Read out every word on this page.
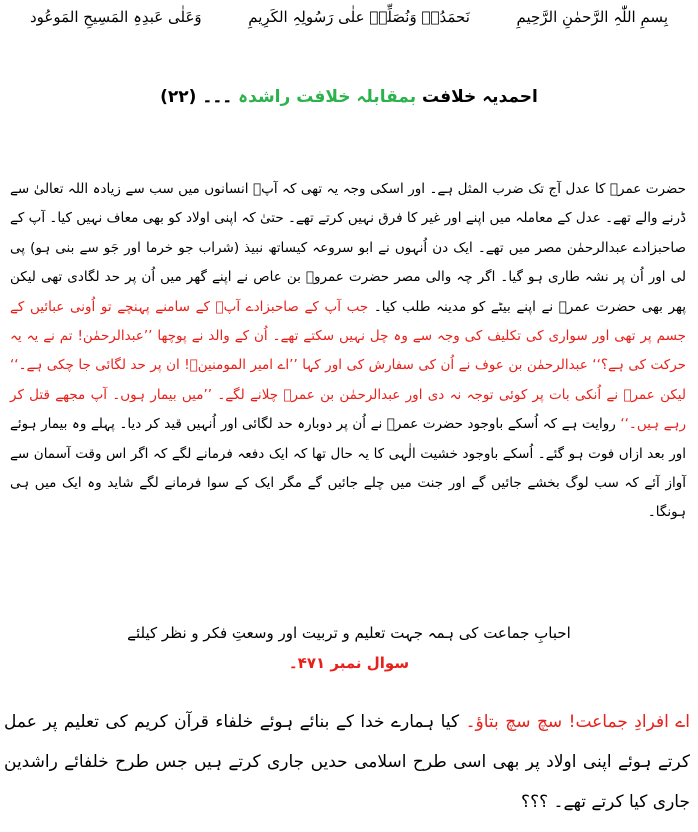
بِسمِ اللّٰہِ الرَّحمٰنِ الرَّحِیمِ
نَحمَدُہٗ وَنُصَلِّیۡ علٰی رَسُولِہِ الکَرِیمِ
وَعَلٰی عَبدِہِ المَسِیحِ المَوعُود
احمدیہ خلافت بمقابلہ خلافت راشدہ ۔۔۔ (۲۲)
حضرت عمرؓ کا عدل آج تک ضرب المثل ہے۔ اور اسکی وجہ یہ تھی کہ آپؓ انسانوں میں سب سے زیادہ اللہ تعالیٰ سے ڈرنے والے تھے۔ عدل کے معاملہ میں اپنے اور غیر کا فرق نہیں کرتے تھے۔ حتیٰ کہ اپنی اولاد کو بھی معاف نہیں کیا۔ آپ کے صاحبزادے عبدالرحمٰن مصر میں تھے۔ ایک دن اُنہوں نے ابو سروعہ کیساتھ نبیذ (شراب جو خرما اور جَو سے بنی ہو) پی لی اور اُن پر نشہ طاری ہو گیا۔ اگر چہ والی مصر حضرت عمروؓ بن عاص نے اپنے گھر میں اُن پر حد لگادی تھی لیکن پھر بھی حضرت عمرؓ نے اپنے بیٹے کو مدینہ طلب کیا۔ جب آپ کے صاحبزادے آپؓ کے سامنے پہنچے تو اُونی عبائیں کے جسم پر تھی اور سواری کی تکلیف کی وجہ سے وہ چل نہیں سکتے تھے۔ اُن کے والد نے پوچھا ’’عبدالرحمٰن! تم نے یہ یہ حرکت کی ہے؟‘‘ عبدالرحمٰن بن عوف نے اُن کی سفارش کی اور کہا ’’اے امیر المومنینؓ! ان پر حد لگائی جا چکی ہے۔‘‘ لیکن عمرؓ نے اُنکی بات پر کوئی توجہ نہ دی اور عبدالرحمٰن بن عمرؓ چلانے لگے۔ ’’میں بیمار ہوں۔ آپ مجھے قتل کر رہے ہیں۔‘‘ روایت ہے کہ اُسکے باوجود حضرت عمرؓ نے اُن پر دوبارہ حد لگائی اور اُنہیں قید کر دیا۔ پہلے وہ بیمار ہوئے اور بعد ازاں فوت ہو گئے۔ اُسکے باوجود خشیت الٰہی کا یہ حال تھا کہ ایک دفعہ فرمانے لگے کہ اگر اس وقت آسمان سے آواز آئے کہ سب لوگ بخشے جائیں گے اور جنت میں چلے جائیں گے مگر ایک کے سوا فرمانے لگے شاید وہ ایک میں ہی ہونگا۔
احبابِ جماعت کی ہمہ جہت تعلیم و تربیت اور وسعتِ فکر و نظر کیلئے
سوال نمبر ۴۷۱۔
اے افرادِ جماعت! سچ سچ بتاؤ۔ کیا ہمارے خدا کے بنائے ہوئے خلفاء قرآن کریم کی تعلیم پر عمل کرتے ہوئے اپنی اولاد پر بھی اسی طرح اسلامی حدیں جاری کرتے ہیں جس طرح خلفائے راشدین جاری کیا کرتے تھے۔ ؟؟؟
